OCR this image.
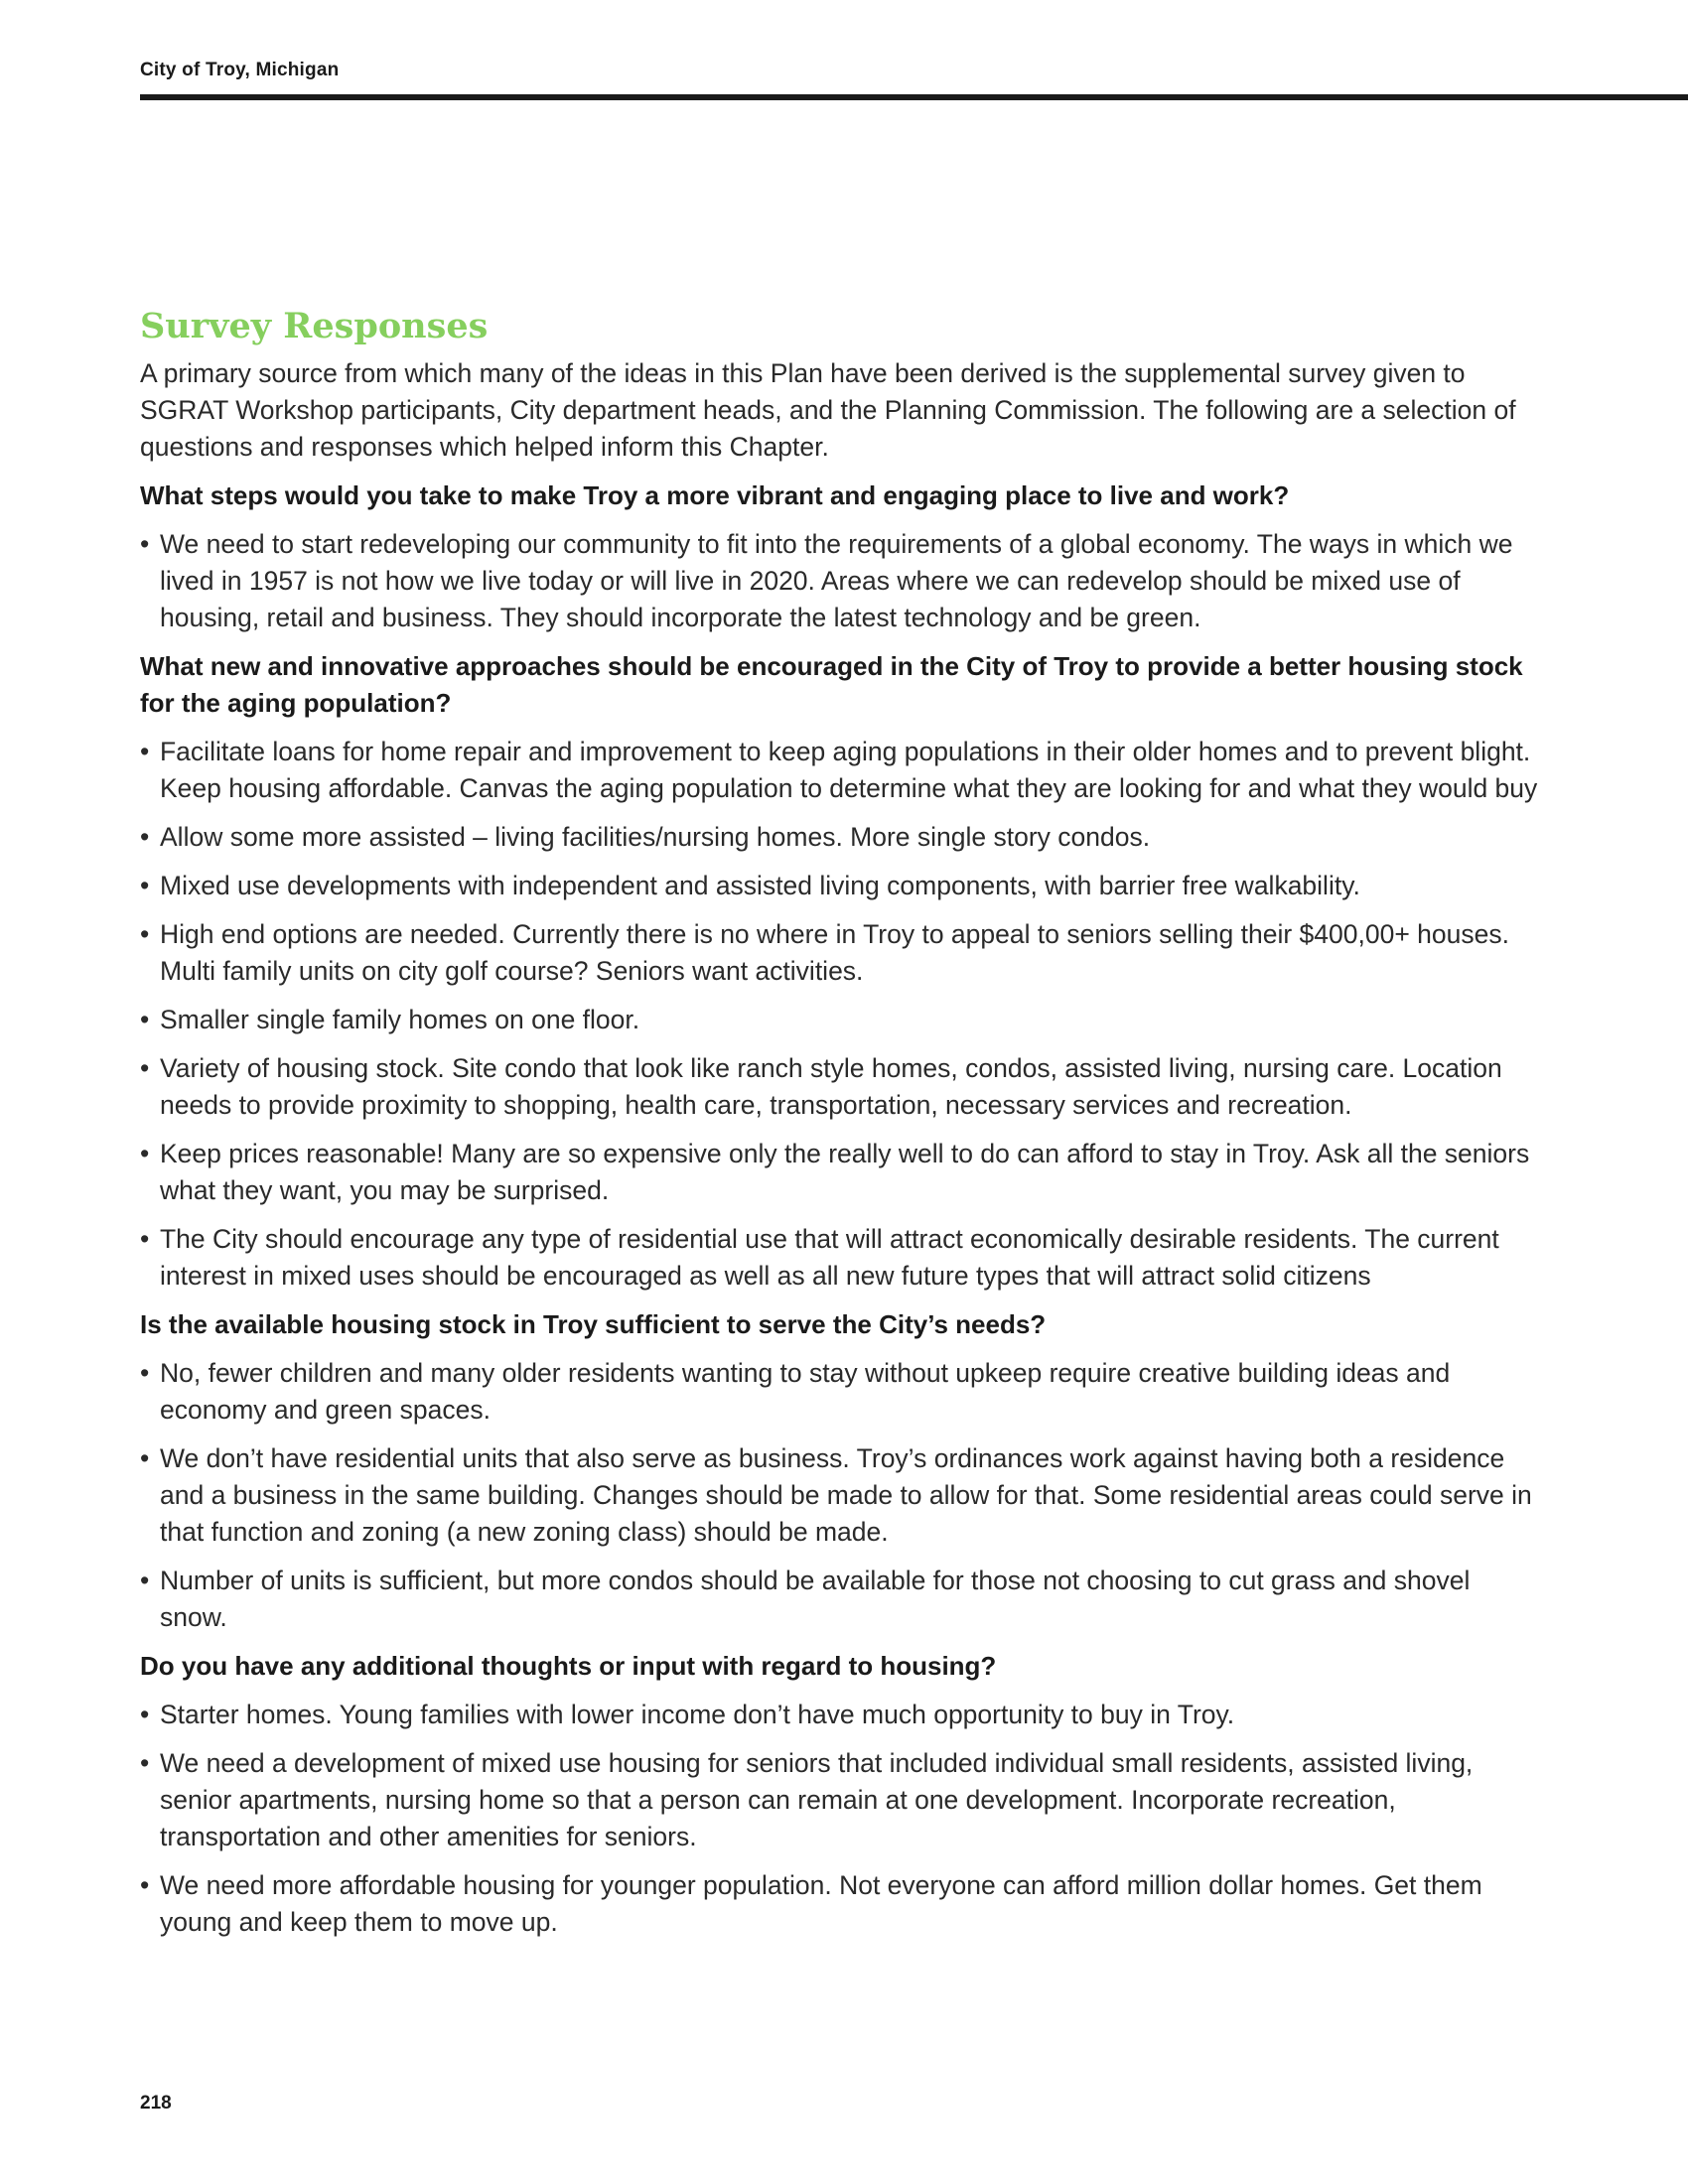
City of Troy, Michigan
Survey Responses

A primary source from which many of the ideas in this Plan have been derived is the supplemental survey given to SGRAT Workshop participants, City department heads, and the Planning Commission. The following are a selection of questions and responses which helped inform this Chapter.

What steps would you take to make Troy a more vibrant and engaging place to live and work?
• We need to start redeveloping our community to fit into the requirements of a global economy. The ways in which we lived in 1957 is not how we live today or will live in 2020. Areas where we can redevelop should be mixed use of housing, retail and business. They should incorporate the latest technology and be green.
What new and innovative approaches should be encouraged in the City of Troy to provide a better housing stock for the aging population?
• Facilitate loans for home repair and improvement to keep aging populations in their older homes and to prevent blight. Keep housing affordable. Canvas the aging population to determine what they are looking for and what they would buy
• Allow some more assisted – living facilities/nursing homes. More single story condos.
• Mixed use developments with independent and assisted living components, with barrier free walkability.
• High end options are needed. Currently there is no where in Troy to appeal to seniors selling their $400,00+ houses. Multi family units on city golf course? Seniors want activities.
• Smaller single family homes on one floor.
• Variety of housing stock. Site condo that look like ranch style homes, condos, assisted living, nursing care. Location needs to provide proximity to shopping, health care, transportation, necessary services and recreation.
• Keep prices reasonable! Many are so expensive only the really well to do can afford to stay in Troy. Ask all the seniors what they want, you may be surprised.
• The City should encourage any type of residential use that will attract economically desirable residents. The current interest in mixed uses should be encouraged as well as all new future types that will attract solid citizens
Is the available housing stock in Troy sufficient to serve the City’s needs?
• No, fewer children and many older residents wanting to stay without upkeep require creative building ideas and economy and green spaces.
• We don’t have residential units that also serve as business. Troy’s ordinances work against having both a residence and a business in the same building. Changes should be made to allow for that. Some residential areas could serve in that function and zoning (a new zoning class) should be made.
• Number of units is sufficient, but more condos should be available for those not choosing to cut grass and shovel snow.
Do you have any additional thoughts or input with regard to housing?
• Starter homes. Young families with lower income don’t have much opportunity to buy in Troy.
• We need a development of mixed use housing for seniors that included individual small residents, assisted living, senior apartments, nursing home so that a person can remain at one development. Incorporate recreation, transportation and other amenities for seniors.
• We need more affordable housing for younger population. Not everyone can afford million dollar homes. Get them young and keep them to move up.
218
